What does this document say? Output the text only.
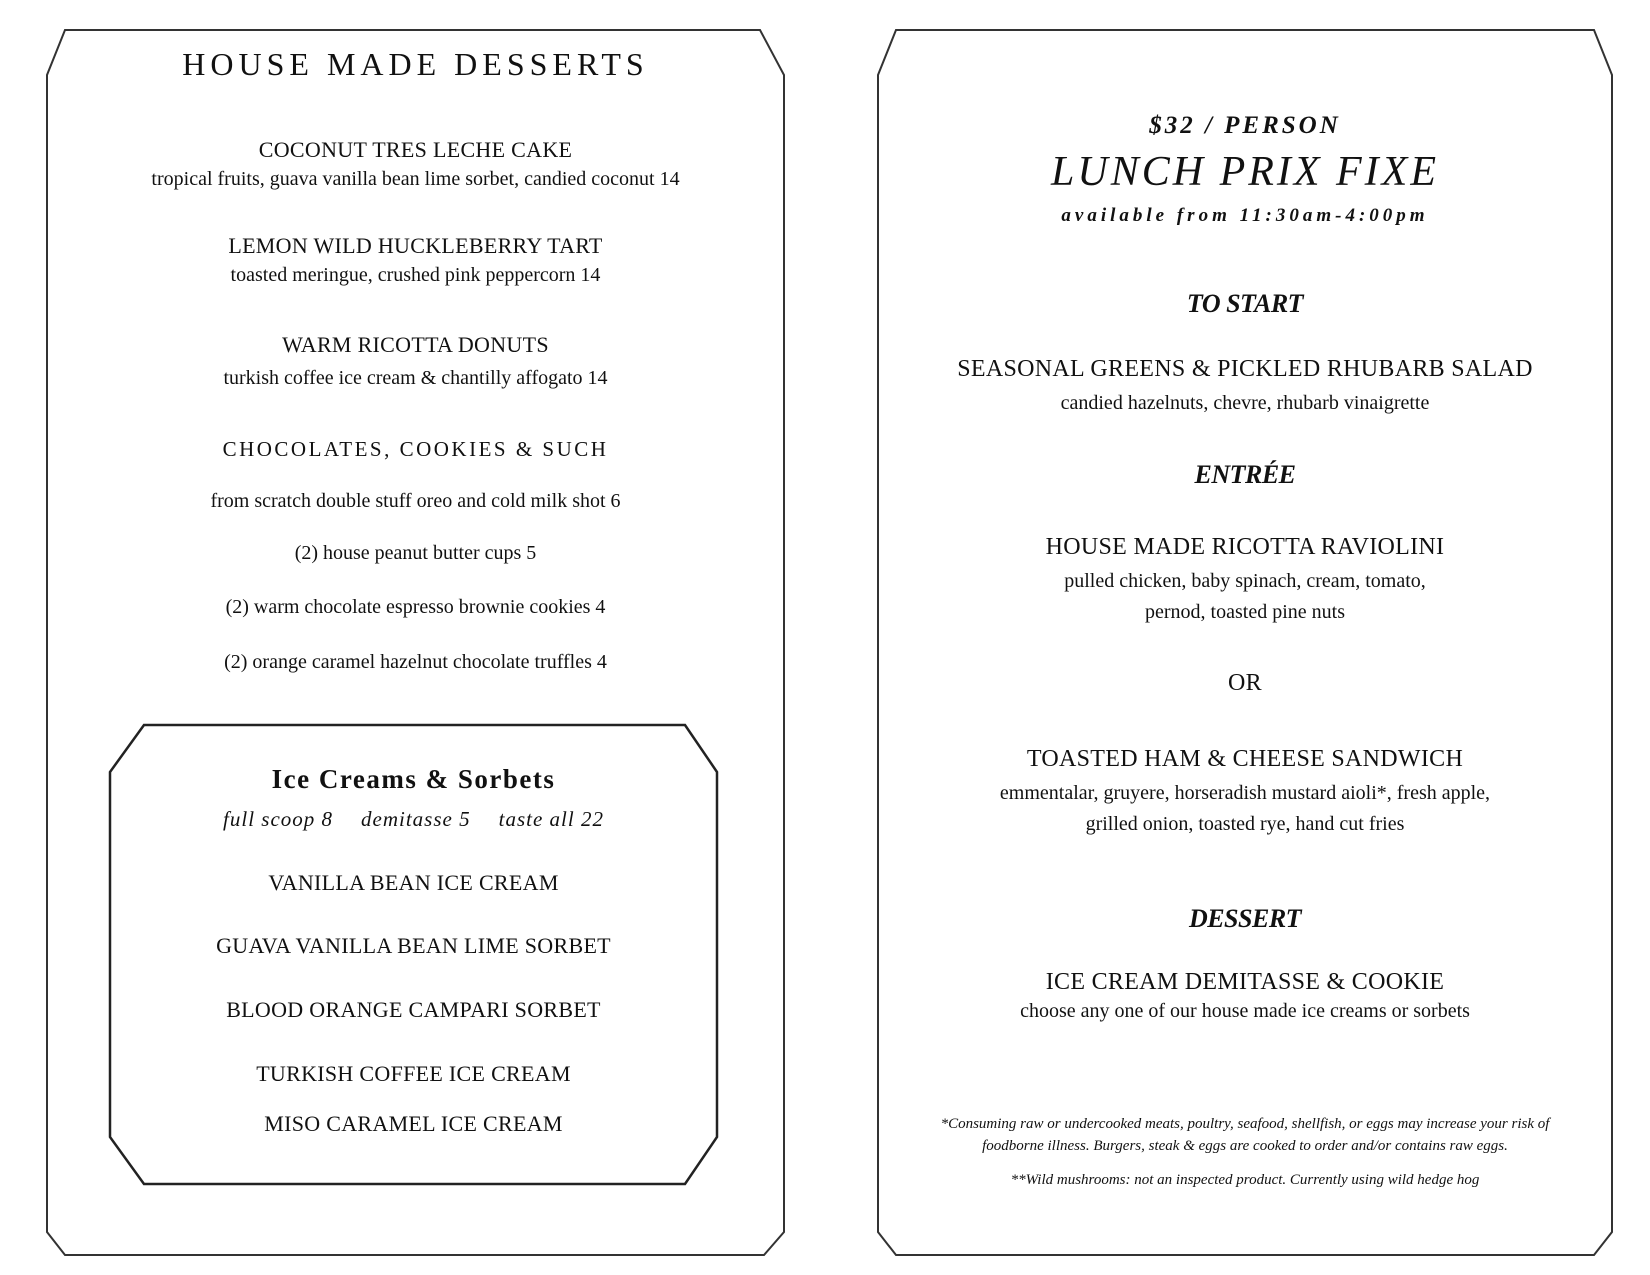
HOUSE MADE DESSERTS
COCONUT TRES LECHE CAKE
tropical fruits, guava vanilla bean lime sorbet, candied coconut 14
LEMON WILD HUCKLEBERRY TART
toasted meringue, crushed pink peppercorn 14
WARM RICOTTA DONUTS
turkish coffee ice cream & chantilly affogato 14
CHOCOLATES, COOKIES & SUCH
from scratch double stuff oreo and cold milk shot 6
(2) house peanut butter cups 5
(2) warm chocolate espresso brownie cookies 4
(2) orange caramel hazelnut chocolate truffles 4
Ice Creams & Sorbets
full scoop 8 demitasse 5 taste all 22
VANILLA BEAN ICE CREAM
GUAVA VANILLA BEAN LIME SORBET
BLOOD ORANGE CAMPARI SORBET
TURKISH COFFEE ICE CREAM
MISO CARAMEL ICE CREAM
$32 / PERSON
LUNCH PRIX FIXE
available from 11:30am-4:00pm
TO START
SEASONAL GREENS & PICKLED RHUBARB SALAD
candied hazelnuts, chevre, rhubarb vinaigrette
ENTRÉE
HOUSE MADE RICOTTA RAVIOLINI
pulled chicken, baby spinach, cream, tomato,
pernod, toasted pine nuts
OR
TOASTED HAM & CHEESE SANDWICH
emmentalar, gruyere, horseradish mustard aioli*, fresh apple,
grilled onion, toasted rye, hand cut fries
DESSERT
ICE CREAM DEMITASSE & COOKIE
choose any one of our house made ice creams or sorbets
*Consuming raw or undercooked meats, poultry, seafood, shellfish, or eggs may increase your risk of
foodborne illness. Burgers, steak & eggs are cooked to order and/or contains raw eggs.
**Wild mushrooms: not an inspected product. Currently using wild hedge hog
